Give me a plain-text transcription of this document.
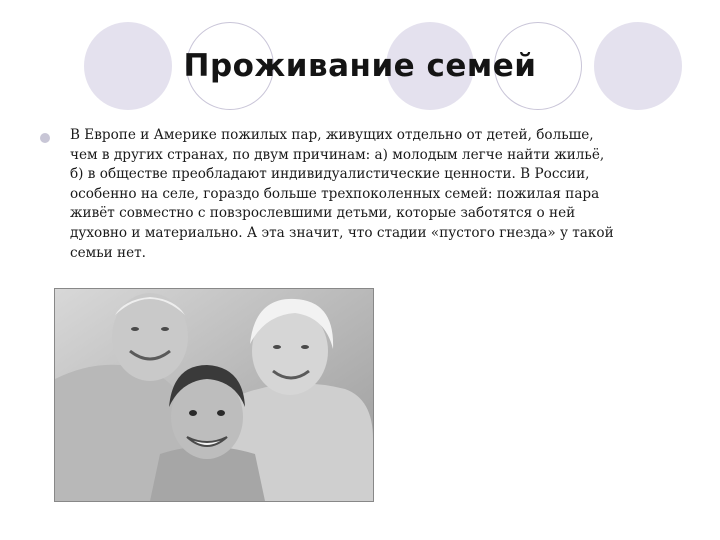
Проживание семей
В Европе и Америке пожилых пар, живущих отдельно от детей, больше,
чем в других странах, по двум причинам: а) молодым легче найти жильё,
б) в обществе преобладают индивидуалистические ценности. В России,
особенно на селе, гораздо больше трехпоколенных семей: пожилая пара
живёт совместно с повзрослевшими детьми, которые заботятся о ней
духовно и материально. А эта значит, что стадии «пустого гнезда» у такой
семьи нет.
